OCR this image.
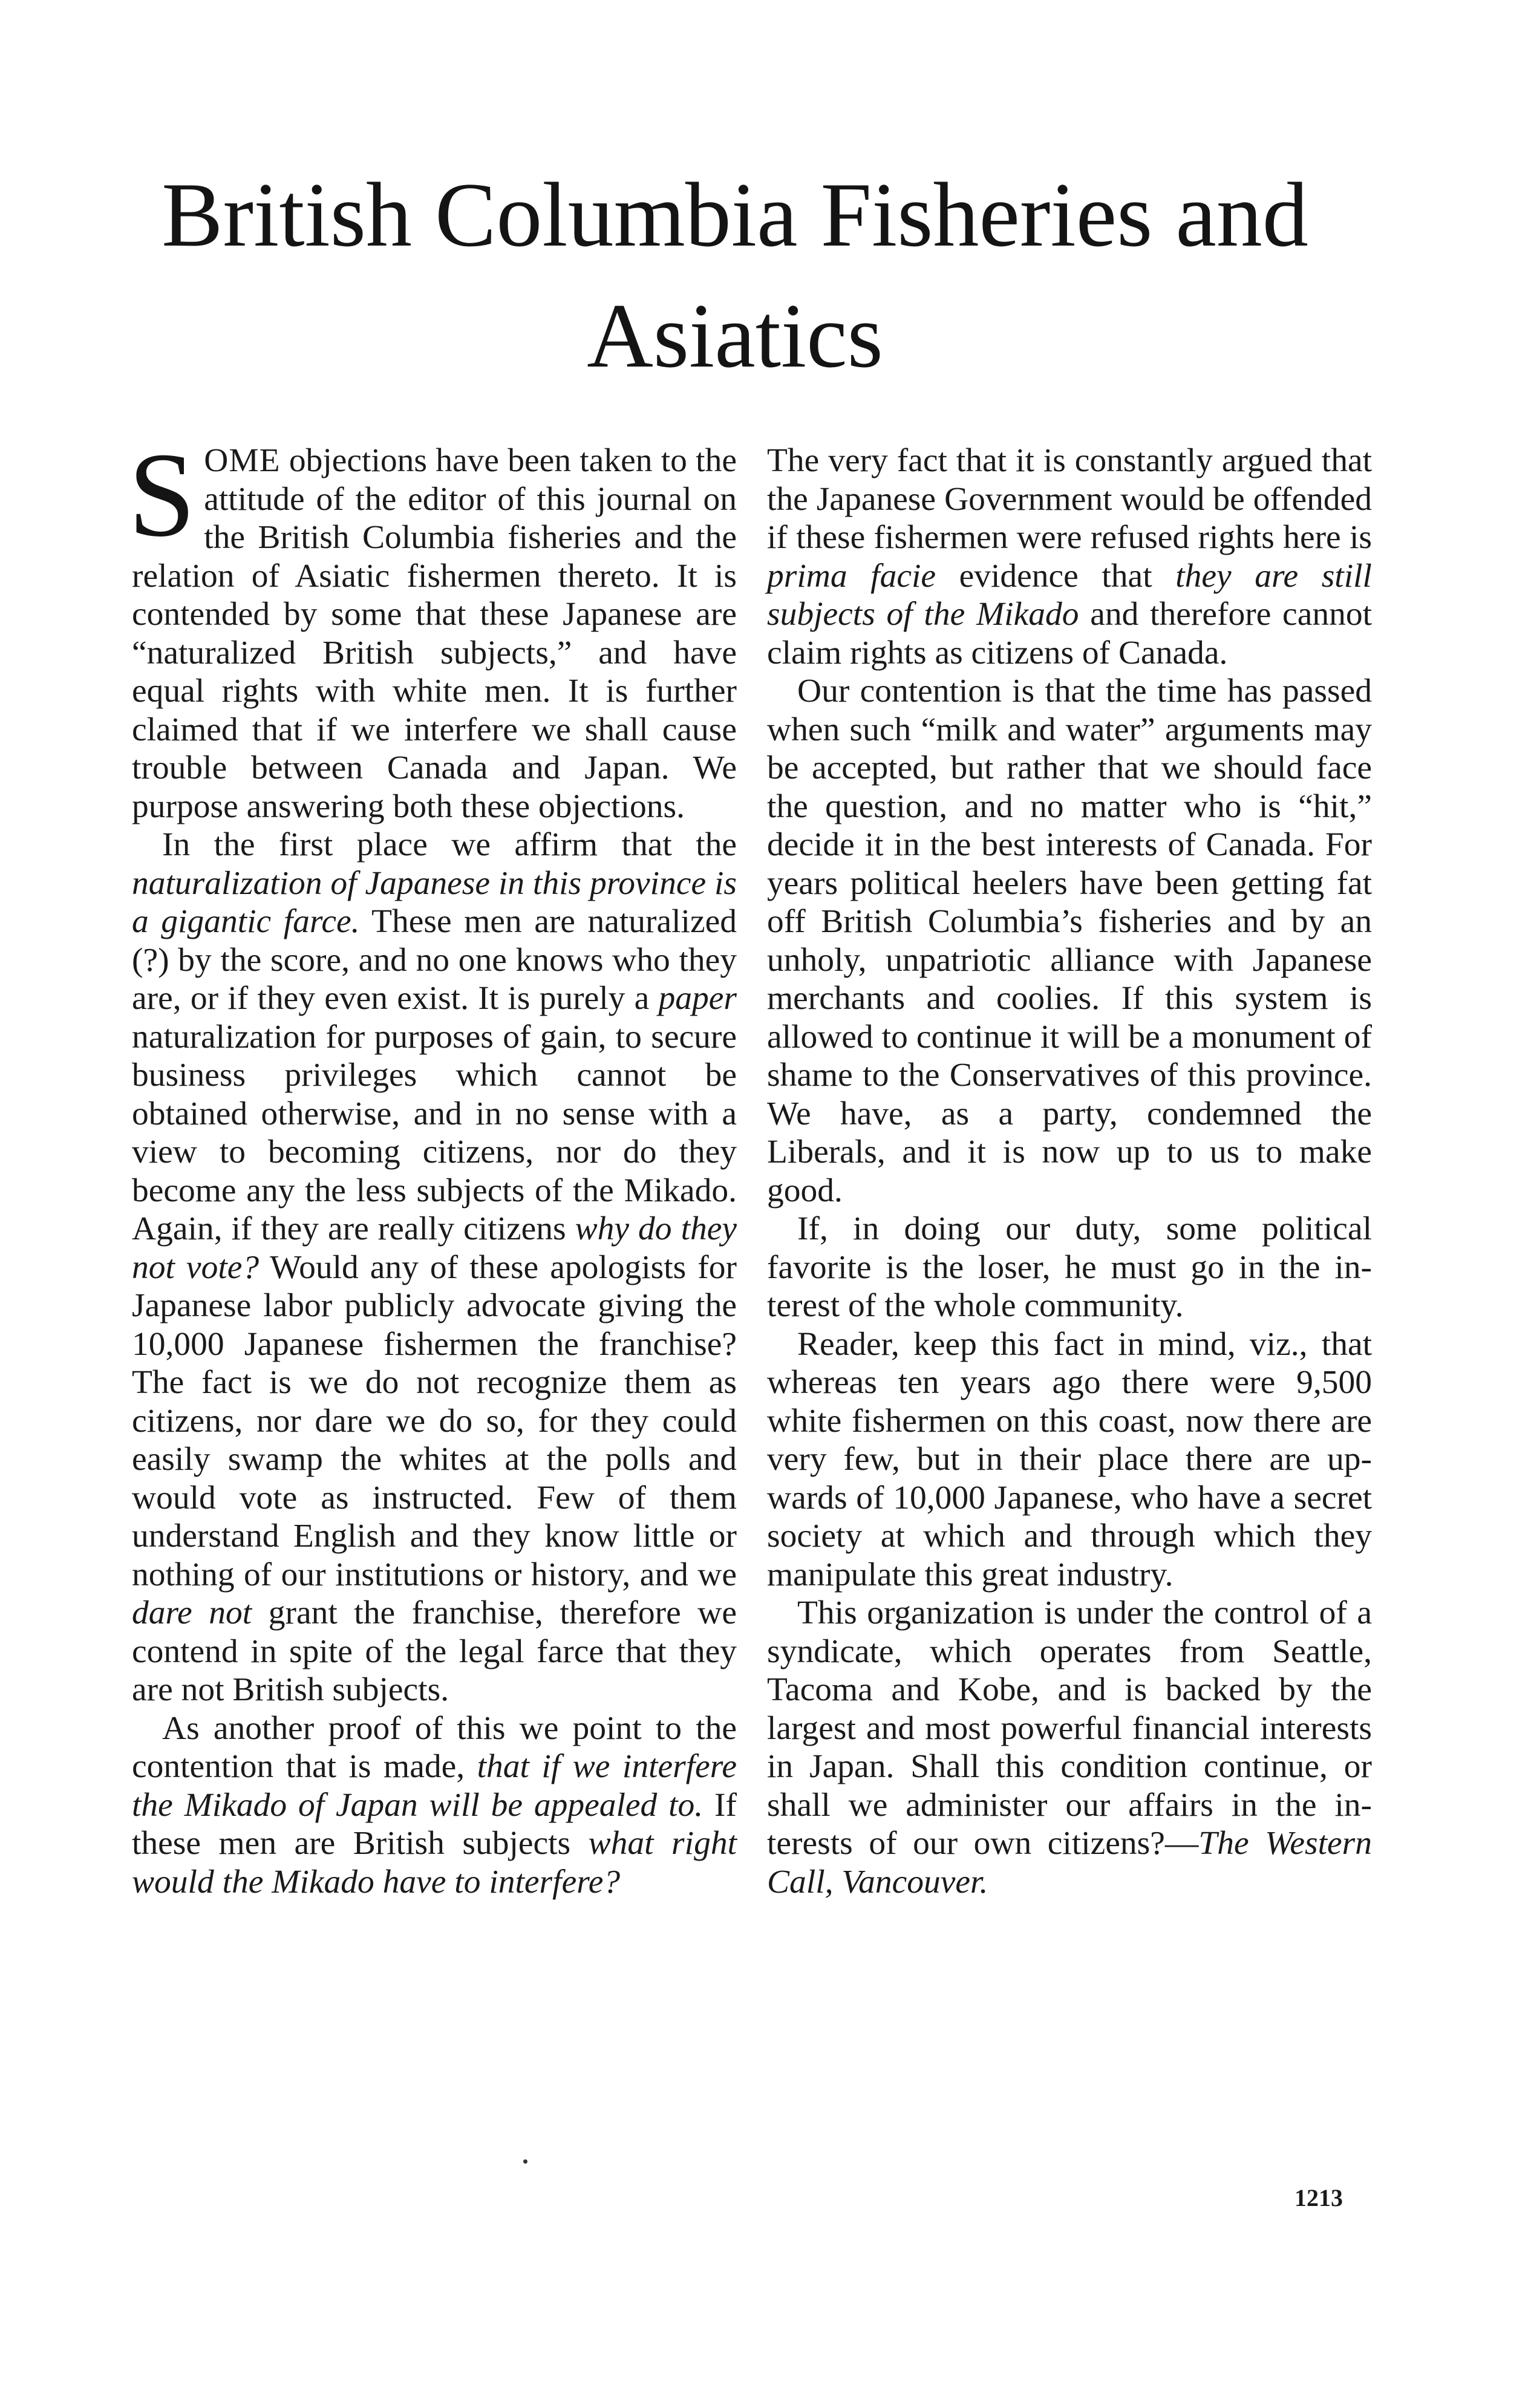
British Columbia Fisheries and Asiatics

SOME objections have been taken to the attitude of the editor of this journal on the British Columbia fisheries and the relation of Asiatic fishermen thereto. It is contended by some that these Japanese are “naturalized British subjects,” and have equal rights with white men. It is further claimed that if we interfere we shall cause trouble between Canada and Japan. We purpose answering both these objections.

In the first place we affirm that the naturalization of Japanese in this province is a gigantic farce. These men are naturalized (?) by the score, and no one knows who they are, or if they even exist. It is purely a paper naturalization for purposes of gain, to secure business privileges which cannot be obtained otherwise, and in no sense with a view to becoming citizens, nor do they become any the less subjects of the Mikado. Again, if they are really citizens why do they not vote? Would any of these apologists for Japanese labor publicly advocate giving the 10,000 Japanese fishermen the franchise? The fact is we do not recognize them as citizens, nor dare we do so, for they could easily swamp the whites at the polls and would vote as instructed. Few of them understand English and they know little or nothing of our institutions or history, and we dare not grant the franchise, therefore we contend in spite of the legal farce that they are not British subjects.

As another proof of this we point to the contention that is made, that if we interfere the Mikado of Japan will be appealed to. If these men are British subjects what right would the Mikado have to interfere?

The very fact that it is constantly argued that the Japanese Government would be offended if these fishermen were refused rights here is prima facie evidence that they are still subjects of the Mikado and therefore cannot claim rights as citizens of Canada.

Our contention is that the time has passed when such “milk and water” arguments may be accepted, but rather that we should face the question, and no matter who is “hit,” decide it in the best interests of Canada. For years political heelers have been getting fat off British Columbia’s fisheries and by an unholy, unpatriotic alliance with Japanese merchants and coolies. If this system is allowed to continue it will be a monument of shame to the Conservatives of this province. We have, as a party, condemned the Liberals, and it is now up to us to make good.

If, in doing our duty, some political favorite is the loser, he must go in the interest of the whole community.

Reader, keep this fact in mind, viz., that whereas ten years ago there were 9,500 white fishermen on this coast, now there are very few, but in their place there are upwards of 10,000 Japanese, who have a secret society at which and through which they manipulate this great industry.

This organization is under the control of a syndicate, which operates from Seattle, Tacoma and Kobe, and is backed by the largest and most powerful financial interests in Japan. Shall this condition continue, or shall we administer our affairs in the interests of our own citizens?—The Western Call, Vancouver.

1213
